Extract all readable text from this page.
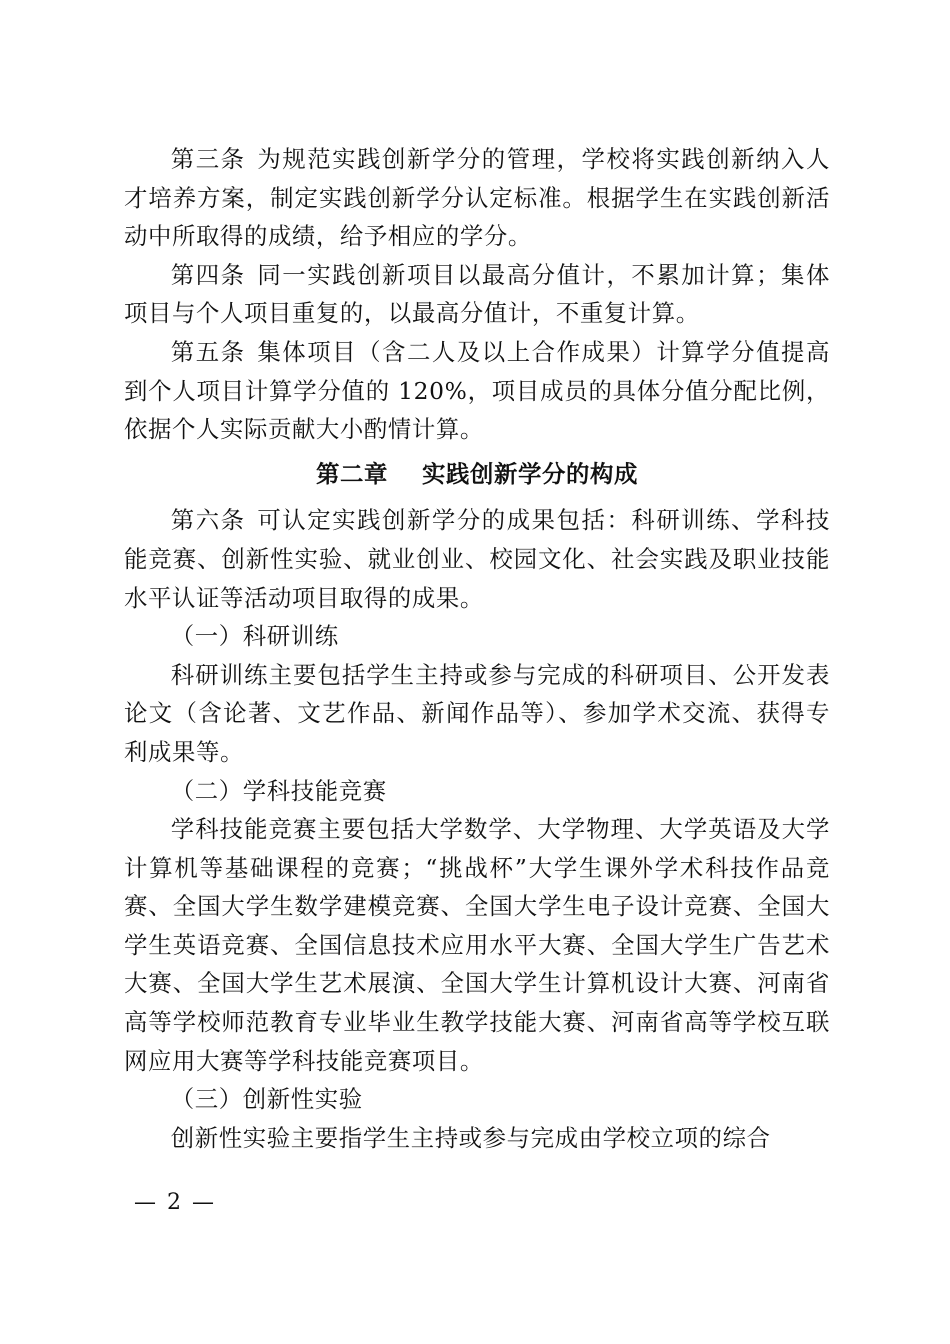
第三条 为规范实践创新学分的管理，学校将实践创新纳入人才培养方案，制定实践创新学分认定标准。根据学生在实践创新活动中所取得的成绩，给予相应的学分。

第四条 同一实践创新项目以最高分值计，不累加计算；集体项目与个人项目重复的，以最高分值计，不重复计算。

第五条 集体项目（含二人及以上合作成果）计算学分值提高到个人项目计算学分值的 120%，项目成员的具体分值分配比例，依据个人实际贡献大小酌情计算。

第二章 实践创新学分的构成

第六条 可认定实践创新学分的成果包括：科研训练、学科技能竞赛、创新性实验、就业创业、校园文化、社会实践及职业技能水平认证等活动项目取得的成果。

（一）科研训练

科研训练主要包括学生主持或参与完成的科研项目、公开发表论文（含论著、文艺作品、新闻作品等）、参加学术交流、获得专利成果等。

（二）学科技能竞赛

学科技能竞赛主要包括大学数学、大学物理、大学英语及大学计算机等基础课程的竞赛；“挑战杯”大学生课外学术科技作品竞赛、全国大学生数学建模竞赛、全国大学生电子设计竞赛、全国大学生英语竞赛、全国信息技术应用水平大赛、全国大学生广告艺术大赛、全国大学生艺术展演、全国大学生计算机设计大赛、河南省高等学校师范教育专业毕业生教学技能大赛、河南省高等学校互联网应用大赛等学科技能竞赛项目。

（三）创新性实验

创新性实验主要指学生主持或参与完成由学校立项的综合

— 2 —
